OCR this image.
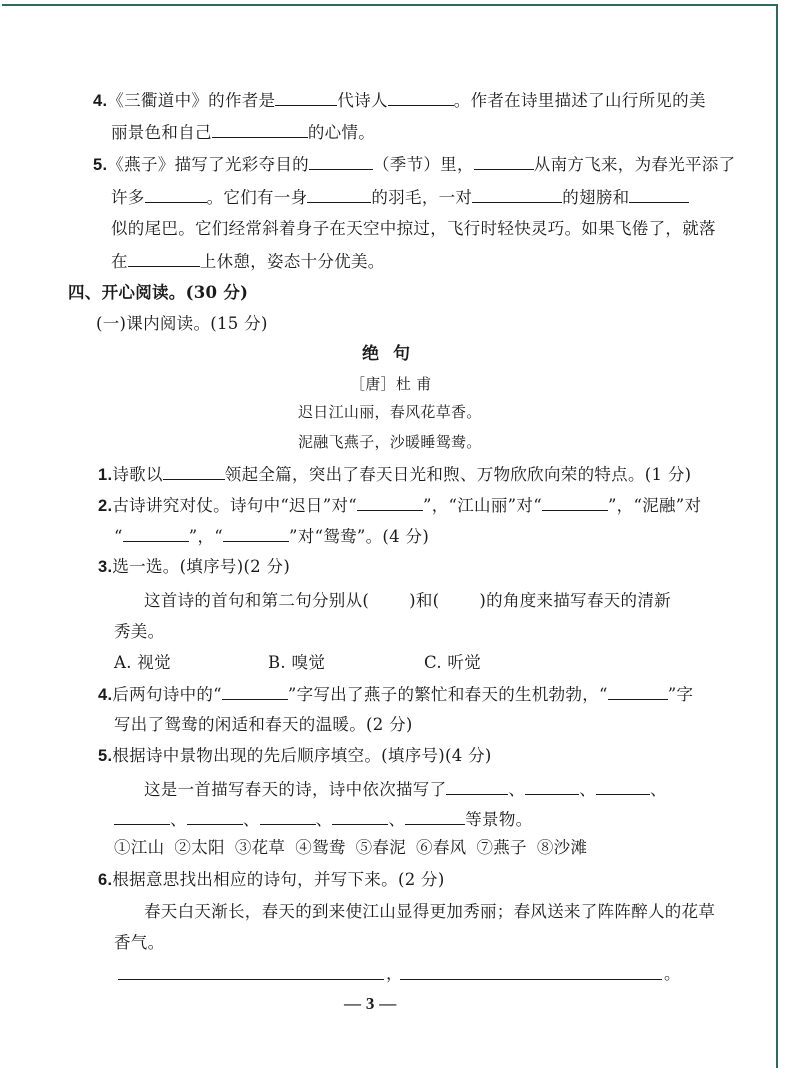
4.《三衢道中》的作者是	代诗人	。作者在诗里描述了山行所见的美
丽景色和自己	的心情。
5.《燕子》描写了光彩夺目的	（季节）里，	从南方飞来，为春光平添了
许多	。它们有一身	的羽毛，一对	的翅膀和
似的尾巴。它们经常斜着身子在天空中掠过，飞行时轻快灵巧。如果飞倦了，就落
在	上休憩，姿态十分优美。
四、开心阅读。(30 分)
(一)课内阅读。(15 分)
绝句
［唐］杜 甫
迟日江山丽，春风花草香。
泥融飞燕子，沙暖睡鸳鸯。
1.诗歌以	领起全篇，突出了春天日光和煦、万物欣欣向荣的特点。(1 分)
2.古诗讲究对仗。诗句中“迟日”对“	”，“江山丽”对“	”，“泥融”对
“	”，“	”对“鸳鸯”。(4 分)
3.选一选。(填序号)(2 分)
这首诗的首句和第二句分别从( )和( )的角度来描写春天的清新
秀美。
A. 视觉	B. 嗅觉	C. 听觉
4.后两句诗中的“	”字写出了燕子的繁忙和春天的生机勃勃，“	”字
写出了鸳鸯的闲适和春天的温暖。(2 分)
5.根据诗中景物出现的先后顺序填空。(填序号)(4 分)
这是一首描写春天的诗，诗中依次描写了	、	、	、
、	、	、	、	等景物。
①江山 ②太阳 ③花草 ④鸳鸯 ⑤春泥 ⑥春风 ⑦燕子 ⑧沙滩
6.根据意思找出相应的诗句，并写下来。(2 分)
春天白天渐长，春天的到来使江山显得更加秀丽；春风送来了阵阵醉人的花草
香气。
，	。
— 3 —
